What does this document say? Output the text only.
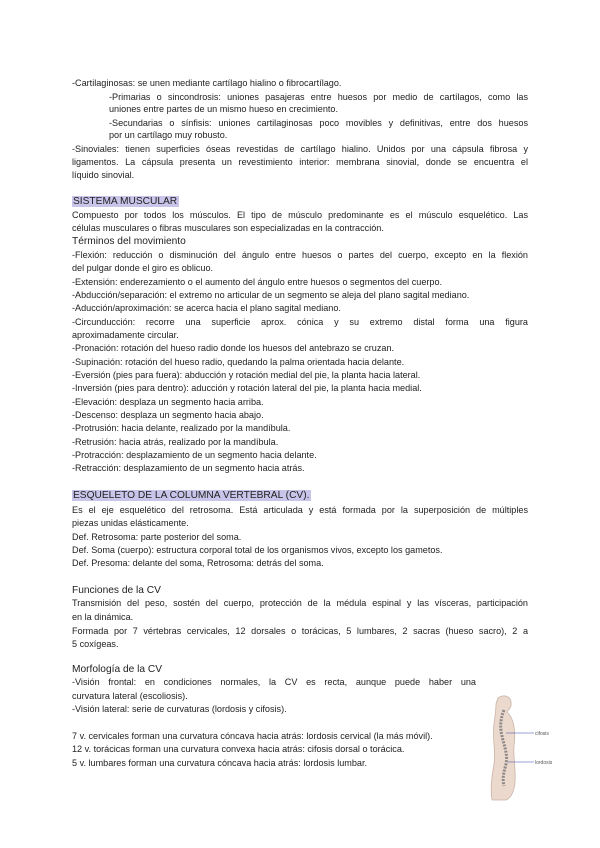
-Cartilaginosas: se unen mediante cartílago hialino o fibrocartílago.
-Primarias o sincondrosis: uniones pasajeras entre huesos por medio de cartílagos, como las
uniones entre partes de un mismo hueso en crecimiento.
-Secundarias o sínfisis: uniones cartilaginosas poco movibles y definitivas, entre dos huesos
por un cartílago muy robusto.
-Sinoviales: tienen superficies óseas revestidas de cartílago hialino. Unidos por una cápsula fibrosa y
ligamentos. La cápsula presenta un revestimiento interior: membrana sinovial, donde se encuentra el
líquido sinovial.
SISTEMA MUSCULAR
Compuesto por todos los músculos. El tipo de músculo predominante es el músculo esquelético. Las
células musculares o fibras musculares son especializadas en la contracción.
Términos del movimiento
-Flexión: reducción o disminución del ángulo entre huesos o partes del cuerpo, excepto en la flexión
del pulgar donde el giro es oblicuo.
-Extensión: enderezamiento o el aumento del ángulo entre huesos o segmentos del cuerpo.
-Abducción/separación: el extremo no articular de un segmento se aleja del plano sagital mediano.
-Aducción/aproximación: se acerca hacia el plano sagital mediano.
-Circunducción: recorre una superficie aprox. cónica y su extremo distal forma una figura
aproximadamente circular.
-Pronación: rotación del hueso radio donde los huesos del antebrazo se cruzan.
-Supinación: rotación del hueso radio, quedando la palma orientada hacia delante.
-Eversión (pies para fuera): abducción y rotación medial del pie, la planta hacia lateral.
-Inversión (pies para dentro): aducción y rotación lateral del pie, la planta hacia medial.
-Elevación: desplaza un segmento hacia arriba.
-Descenso: desplaza un segmento hacia abajo.
-Protrusión: hacia delante, realizado por la mandíbula.
-Retrusión: hacia atrás, realizado por la mandíbula.
-Protracción: desplazamiento de un segmento hacia delante.
-Retracción: desplazamiento de un segmento hacia atrás.
ESQUELETO DE LA COLUMNA VERTEBRAL (CV).
Es el eje esquelético del retrosoma. Está articulada y está formada por la superposición de múltiples
piezas unidas elásticamente.
Def. Retrosoma: parte posterior del soma.
Def. Soma (cuerpo): estructura corporal total de los organismos vivos, excepto los gametos.
Def. Presoma: delante del soma, Retrosoma: detrás del soma.
Funciones de la CV
Transmisión del peso, sostén del cuerpo, protección de la médula espinal y las vísceras, participación
en la dinámica.
Formada por 7 vértebras cervicales, 12 dorsales o torácicas, 5 lumbares, 2 sacras (hueso sacro), 2 a
5 coxígeas.
Morfología de la CV
-Visión frontal: en condiciones normales, la CV es recta, aunque puede haber una
curvatura lateral (escoliosis).
-Visión lateral: serie de curvaturas (lordosis y cifosis).
7 v. cervicales forman una curvatura cóncava hacia atrás: lordosis cervical (la más móvil).
12 v. torácicas forman una curvatura convexa hacia atrás: cifosis dorsal o torácica.
5 v. lumbares forman una curvatura cóncava hacia atrás: lordosis lumbar.
cifosis
lordosis
